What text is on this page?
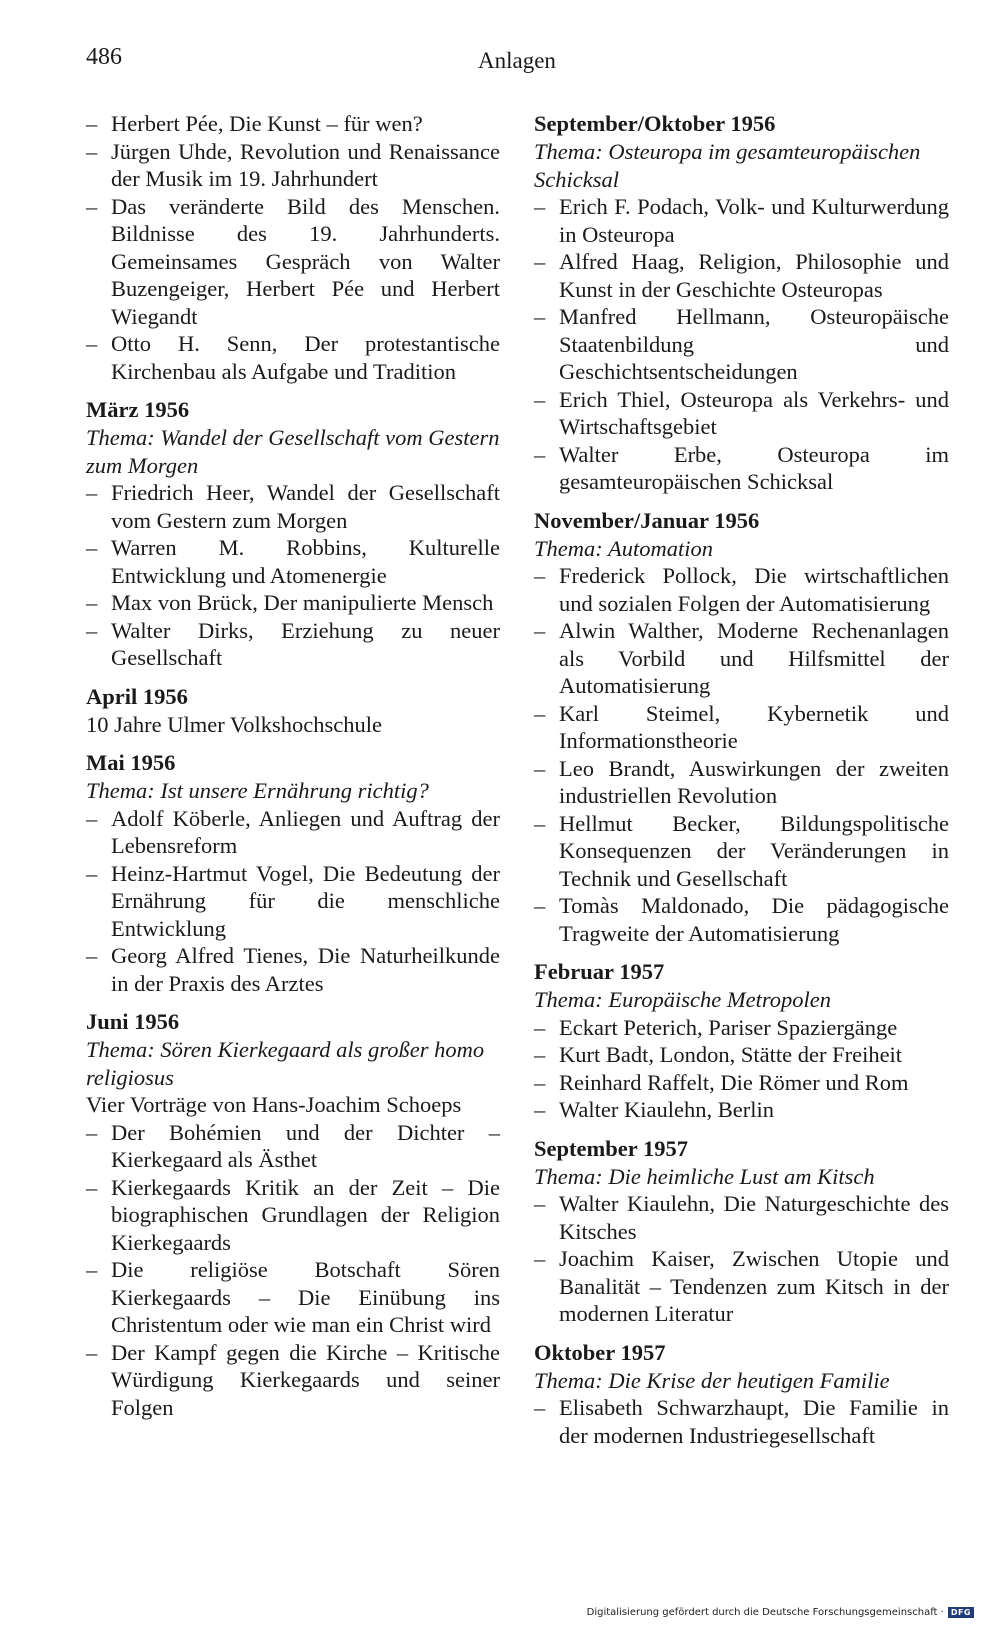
486	Anlagen
– Herbert Pée, Die Kunst – für wen?
– Jürgen Uhde, Revolution und Renaissance der Musik im 19. Jahrhundert
– Das veränderte Bild des Menschen. Bildnisse des 19. Jahrhunderts. Gemeinsames Gespräch von Walter Buzengeiger, Herbert Pée und Herbert Wiegandt
– Otto H. Senn, Der protestantische Kirchenbau als Aufgabe und Tradition
März 1956
Thema: Wandel der Gesellschaft vom Gestern zum Morgen
– Friedrich Heer, Wandel der Gesellschaft vom Gestern zum Morgen
– Warren M. Robbins, Kulturelle Entwicklung und Atomenergie
– Max von Brück, Der manipulierte Mensch
– Walter Dirks, Erziehung zu neuer Gesellschaft
April 1956
10 Jahre Ulmer Volkshochschule
Mai 1956
Thema: Ist unsere Ernährung richtig?
– Adolf Köberle, Anliegen und Auftrag der Lebensreform
– Heinz-Hartmut Vogel, Die Bedeutung der Ernährung für die menschliche Entwicklung
– Georg Alfred Tienes, Die Naturheilkunde in der Praxis des Arztes
Juni 1956
Thema: Sören Kierkegaard als großer homo religiosus
Vier Vorträge von Hans-Joachim Schoeps
– Der Bohémien und der Dichter – Kierkegaard als Ästhet
– Kierkegaards Kritik an der Zeit – Die biographischen Grundlagen der Religion Kierkegaards
– Die religiöse Botschaft Sören Kierkegaards – Die Einübung ins Christentum oder wie man ein Christ wird
– Der Kampf gegen die Kirche – Kritische Würdigung Kierkegaards und seiner Folgen
September/Oktober 1956
Thema: Osteuropa im gesamteuropäischen Schicksal
– Erich F. Podach, Volk- und Kulturwerdung in Osteuropa
– Alfred Haag, Religion, Philosophie und Kunst in der Geschichte Osteuropas
– Manfred Hellmann, Osteuropäische Staatenbildung und Geschichtsentscheidungen
– Erich Thiel, Osteuropa als Verkehrs- und Wirtschaftsgebiet
– Walter Erbe, Osteuropa im gesamteuropäischen Schicksal
November/Januar 1956
Thema: Automation
– Frederick Pollock, Die wirtschaftlichen und sozialen Folgen der Automatisierung
– Alwin Walther, Moderne Rechenanlagen als Vorbild und Hilfsmittel der Automatisierung
– Karl Steimel, Kybernetik und Informationstheorie
– Leo Brandt, Auswirkungen der zweiten industriellen Revolution
– Hellmut Becker, Bildungspolitische Konsequenzen der Veränderungen in Technik und Gesellschaft
– Tomàs Maldonado, Die pädagogische Tragweite der Automatisierung
Februar 1957
Thema: Europäische Metropolen
– Eckart Peterich, Pariser Spaziergänge
– Kurt Badt, London, Stätte der Freiheit
– Reinhard Raffelt, Die Römer und Rom
– Walter Kiaulehn, Berlin
September 1957
Thema: Die heimliche Lust am Kitsch
– Walter Kiaulehn, Die Naturgeschichte des Kitsches
– Joachim Kaiser, Zwischen Utopie und Banalität – Tendenzen zum Kitsch in der modernen Literatur
Oktober 1957
Thema: Die Krise der heutigen Familie
– Elisabeth Schwarzhaupt, Die Familie in der modernen Industriegesellschaft
Digitalisierung gefördert durch die Deutsche Forschungsgemeinschaft · DFG
